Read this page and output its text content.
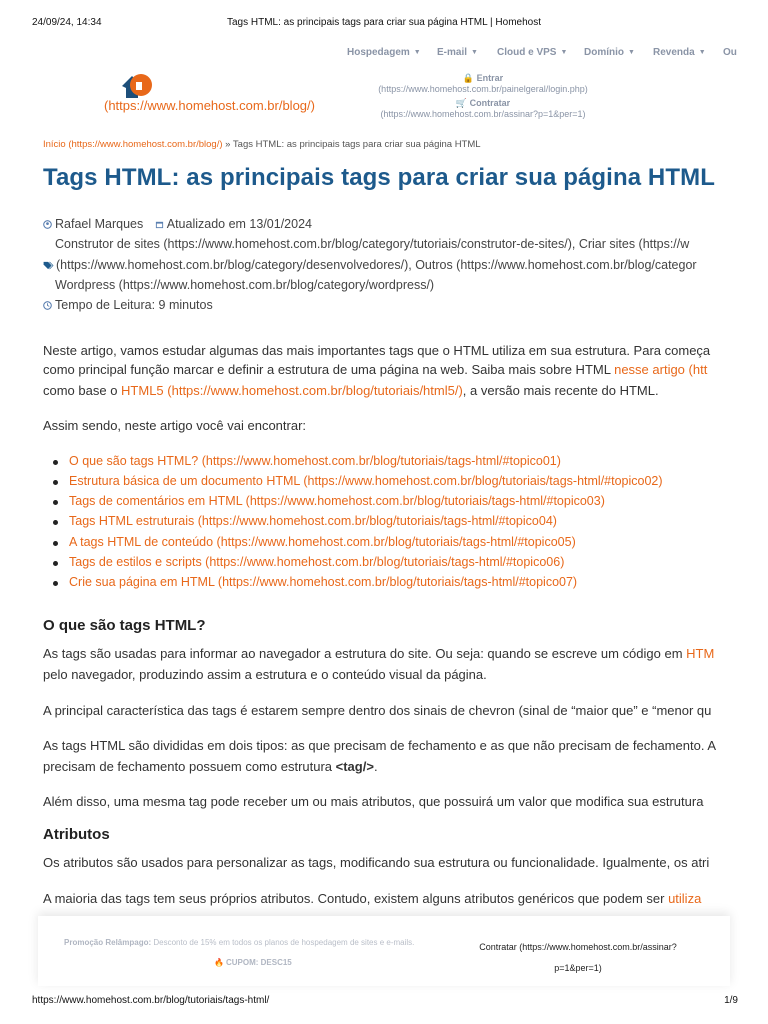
24/09/24, 14:34	Tags HTML: as principais tags para criar sua página HTML | Homehost
(https://www.homehost.com.br/blog/)
Hospedagem ▼ E-mail ▼ Cloud e VPS ▼ Domínio ▼ Revenda ▼ Ou
🔒 Entrar
(https://www.homehost.com.br/painelgeral/login.php)
🛒 Contratar
(https://www.homehost.com.br/assinar?p=1&per=1)
Início (https://www.homehost.com.br/blog/) » Tags HTML: as principais tags para criar sua página HTML
Tags HTML: as principais tags para criar sua página HTML
Rafael Marques Atualizado em 13/01/2024
Construtor de sites (https://www.homehost.com.br/blog/category/tutoriais/construtor-de-sites/), Criar sites (https://w
(https://www.homehost.com.br/blog/category/desenvolvedores/), Outros (https://www.homehost.com.br/blog/categor
Wordpress (https://www.homehost.com.br/blog/category/wordpress/)
Tempo de Leitura: 9 minutos
Neste artigo, vamos estudar algumas das mais importantes tags que o HTML utiliza em sua estrutura. Para começa
como principal função marcar e definir a estrutura de uma página na web. Saiba mais sobre HTML nesse artigo (htt
como base o HTML5 (https://www.homehost.com.br/blog/tutoriais/html5/), a versão mais recente do HTML.
Assim sendo, neste artigo você vai encontrar:
O que são tags HTML? (https://www.homehost.com.br/blog/tutoriais/tags-html/#topico01)
Estrutura básica de um documento HTML (https://www.homehost.com.br/blog/tutoriais/tags-html/#topico02)
Tags de comentários em HTML (https://www.homehost.com.br/blog/tutoriais/tags-html/#topico03)
Tags HTML estruturais (https://www.homehost.com.br/blog/tutoriais/tags-html/#topico04)
A tags HTML de conteúdo (https://www.homehost.com.br/blog/tutoriais/tags-html/#topico05)
Tags de estilos e scripts (https://www.homehost.com.br/blog/tutoriais/tags-html/#topico06)
Crie sua página em HTML (https://www.homehost.com.br/blog/tutoriais/tags-html/#topico07)
O que são tags HTML?
As tags são usadas para informar ao navegador a estrutura do site. Ou seja: quando se escreve um código em HTM
pelo navegador, produzindo assim a estrutura e o conteúdo visual da página.
A principal característica das tags é estarem sempre dentro dos sinais de chevron (sinal de “maior que” e “menor qu
As tags HTML são divididas em dois tipos: as que precisam de fechamento e as que não precisam de fechamento. A
precisam de fechamento possuem como estrutura <tag/>.
Além disso, uma mesma tag pode receber um ou mais atributos, que possuirá um valor que modifica sua estrutura
Atributos
Os atributos são usados para personalizar as tags, modificando sua estrutura ou funcionalidade. Igualmente, os atri
A maioria das tags tem seus próprios atributos. Contudo, existem alguns atributos genéricos que podem ser utiliza
Promoção Relâmpago: Desconto de 15% em todos os planos de hospedagem de sites e e-mails.
🔥 CUPOM: DESC15
Contratar (https://www.homehost.com.br/assinar?
p=1&per=1)
https://www.homehost.com.br/blog/tutoriais/tags-html/	1/9
